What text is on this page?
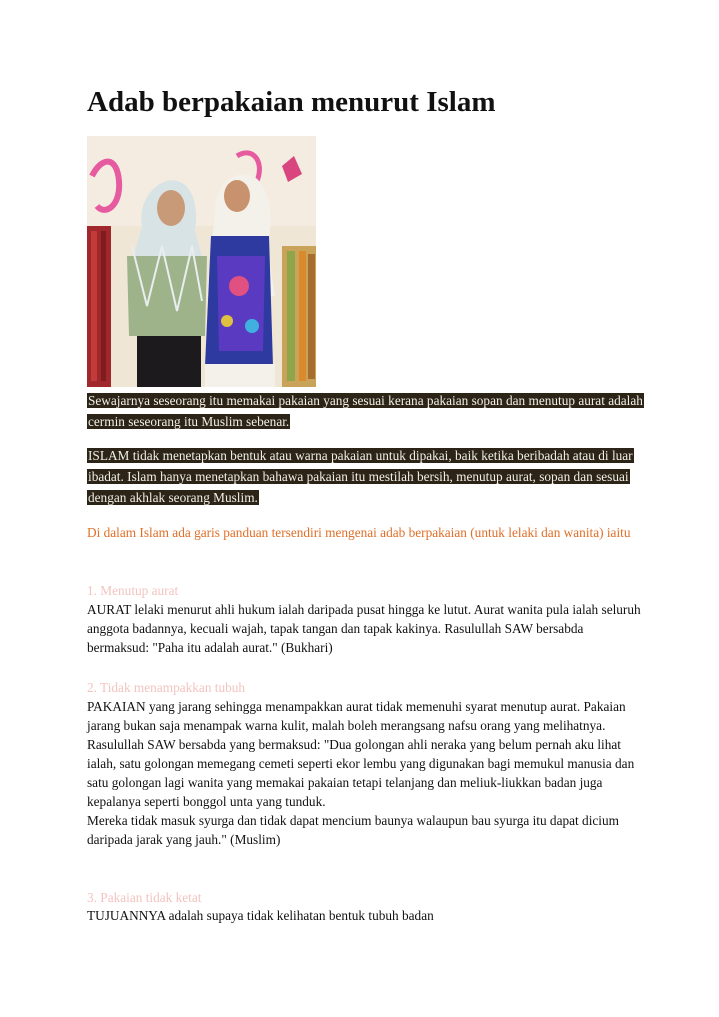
Adab berpakaian menurut Islam

Sewajarnya seseorang itu memakai pakaian yang sesuai kerana pakaian sopan dan menutup aurat adalah cermin seseorang itu Muslim sebenar.

ISLAM tidak menetapkan bentuk atau warna pakaian untuk dipakai, baik ketika beribadah atau di luar ibadat. Islam hanya menetapkan bahawa pakaian itu mestilah bersih, menutup aurat, sopan dan sesuai dengan akhlak seorang Muslim.

Di dalam Islam ada garis panduan tersendiri mengenai adab berpakaian (untuk lelaki dan wanita) iaitu

1. Menutup aurat

AURAT lelaki menurut ahli hukum ialah daripada pusat hingga ke lutut. Aurat wanita pula ialah seluruh anggota badannya, kecuali wajah, tapak tangan dan tapak kakinya. Rasulullah SAW bersabda bermaksud: "Paha itu adalah aurat." (Bukhari)

2. Tidak menampakkan tubuh

PAKAIAN yang jarang sehingga menampakkan aurat tidak memenuhi syarat menutup aurat. Pakaian jarang bukan saja menampak warna kulit, malah boleh merangsang nafsu orang yang melihatnya.
Rasulullah SAW bersabda yang bermaksud: "Dua golongan ahli neraka yang belum pernah aku lihat ialah, satu golongan memegang cemeti seperti ekor lembu yang digunakan bagi memukul manusia dan satu golongan lagi wanita yang memakai pakaian tetapi telanjang dan meliuk-liukkan badan juga kepalanya seperti bonggol unta yang tunduk.
Mereka tidak masuk syurga dan tidak dapat mencium baunya walaupun bau syurga itu dapat dicium daripada jarak yang jauh." (Muslim)

3. Pakaian tidak ketat

TUJUANNYA adalah supaya tidak kelihatan bentuk tubuh badan
